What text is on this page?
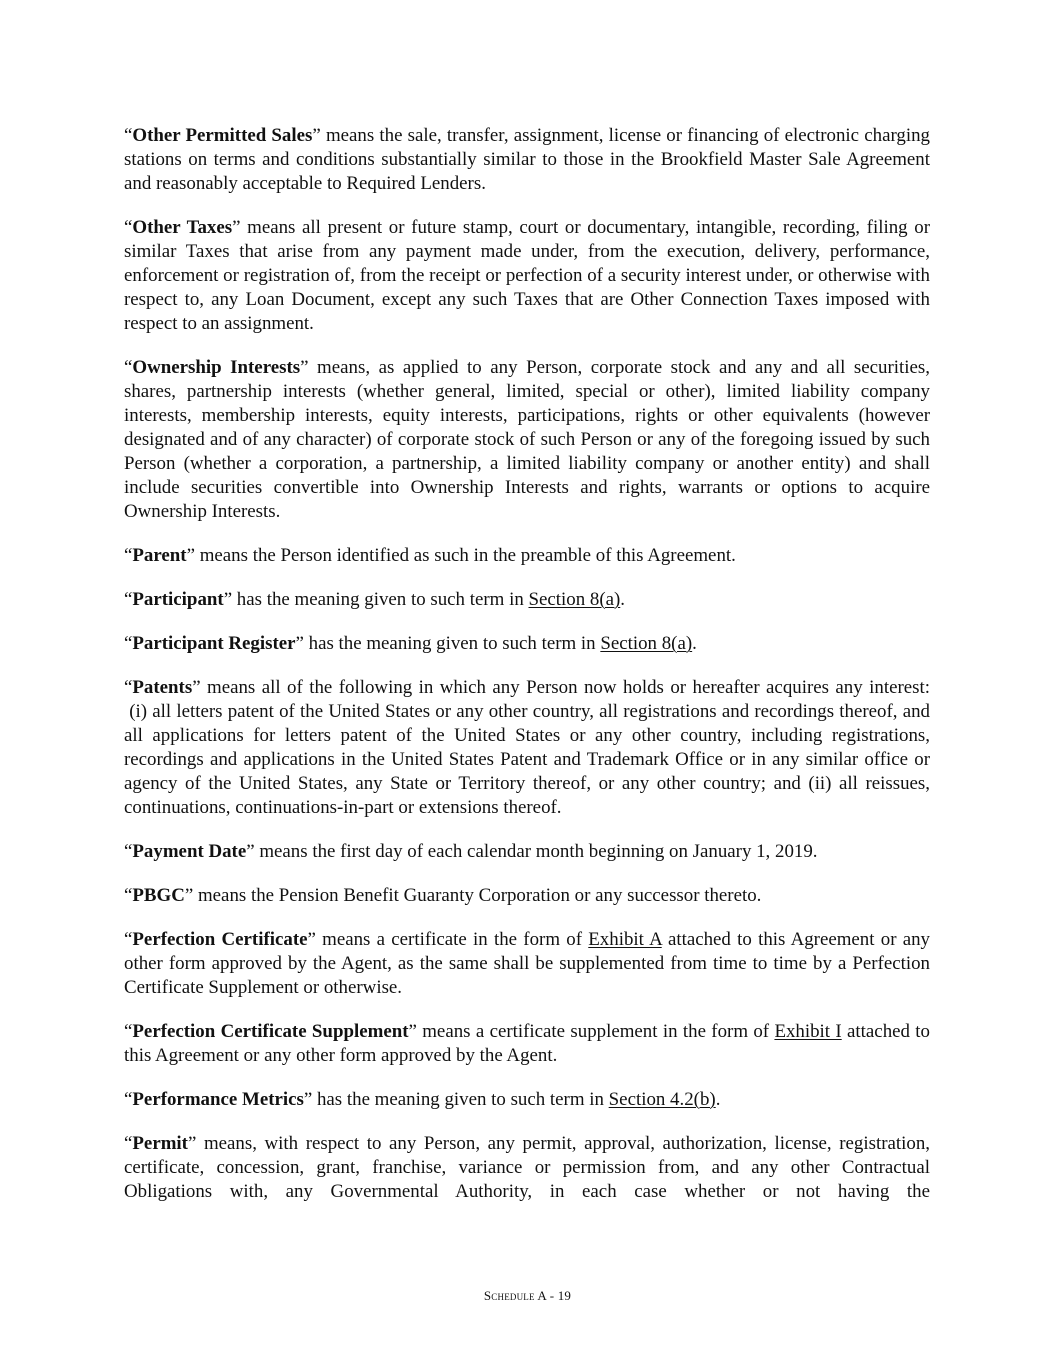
“Other Permitted Sales” means the sale, transfer, assignment, license or financing of electronic charging stations on terms and conditions substantially similar to those in the Brookfield Master Sale Agreement and reasonably acceptable to Required Lenders.

“Other Taxes” means all present or future stamp, court or documentary, intangible, recording, filing or similar Taxes that arise from any payment made under, from the execution, delivery, performance, enforcement or registration of, from the receipt or perfection of a security interest under, or otherwise with respect to, any Loan Document, except any such Taxes that are Other Connection Taxes imposed with respect to an assignment.

“Ownership Interests” means, as applied to any Person, corporate stock and any and all securities, shares, partnership interests (whether general, limited, special or other), limited liability company interests, membership interests, equity interests, participations, rights or other equivalents (however designated and of any character) of corporate stock of such Person or any of the foregoing issued by such Person (whether a corporation, a partnership, a limited liability company or another entity) and shall include securities convertible into Ownership Interests and rights, warrants or options to acquire Ownership Interests.

“Parent” means the Person identified as such in the preamble of this Agreement.

“Participant” has the meaning given to such term in Section 8(a).

“Participant Register” has the meaning given to such term in Section 8(a).

“Patents” means all of the following in which any Person now holds or hereafter acquires any interest:  (i) all letters patent of the United States or any other country, all registrations and recordings thereof, and all applications for letters patent of the United States or any other country, including registrations, recordings and applications in the United States Patent and Trademark Office or in any similar office or agency of the United States, any State or Territory thereof, or any other country; and (ii) all reissues, continuations, continuations-in-part or extensions thereof.

“Payment Date” means the first day of each calendar month beginning on January 1, 2019.

“PBGC” means the Pension Benefit Guaranty Corporation or any successor thereto.

“Perfection Certificate” means a certificate in the form of Exhibit A attached to this Agreement or any other form approved by the Agent, as the same shall be supplemented from time to time by a Perfection Certificate Supplement or otherwise.

“Perfection Certificate Supplement” means a certificate supplement in the form of Exhibit I attached to this Agreement or any other form approved by the Agent.

“Performance Metrics” has the meaning given to such term in Section 4.2(b).

“Permit” means, with respect to any Person, any permit, approval, authorization, license, registration, certificate, concession, grant, franchise, variance or permission from, and any other Contractual Obligations with, any Governmental Authority, in each case whether or not having the

Schedule A - 19
